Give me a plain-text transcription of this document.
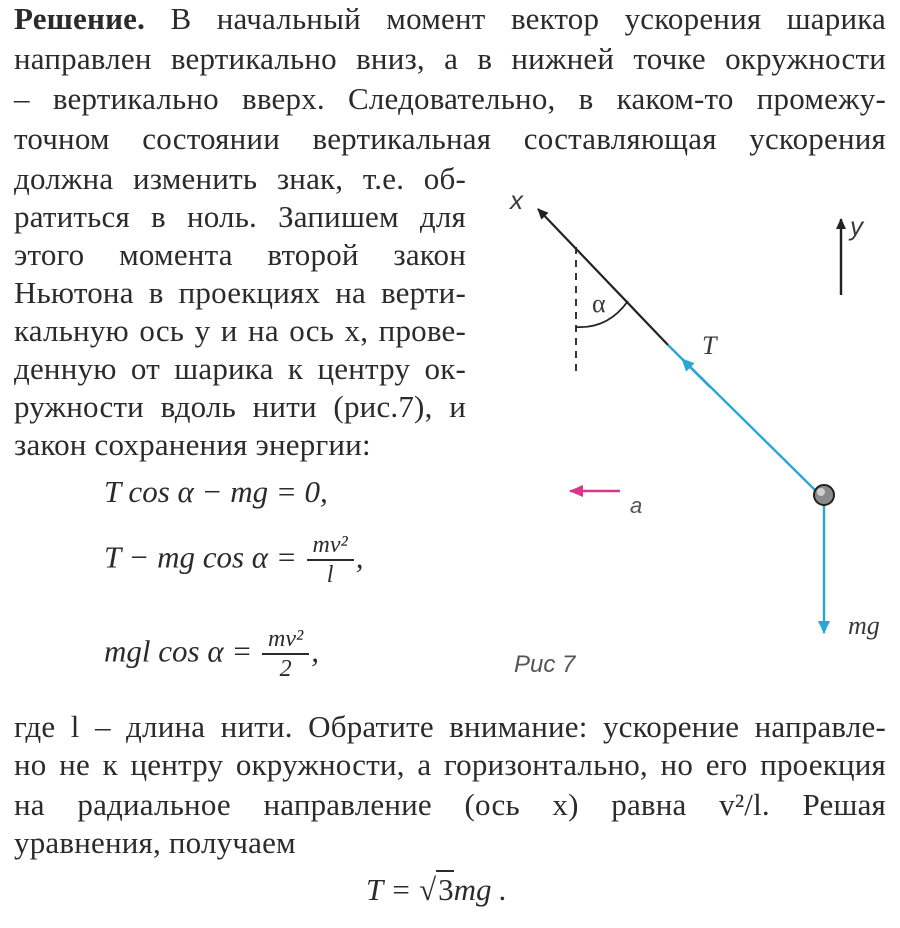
Решение. В начальный момент вектор ускорения шарика
направлен вертикально вниз, а в нижней точке окружности
– вертикально вверх. Следовательно, в каком-то промежу-
точном состоянии вертикальная составляющая ускорения
должна изменить знак, т.е. об-
ратиться в ноль. Запишем для
этого момента второй закон
Ньютона в проекциях на верти-
кальную ось y и на ось x, прове-
денную от шарика к центру ок-
ружности вдоль нити (рис.7), и
закон сохранения энергии:
T cos α − mg = 0,
T − mg $\cos \alpha = \frac{\text{mv²}}{l}$ ,
mgl $\cos \alpha = \frac{\text{mv²}}{2}$ ,
где l – длина нити. Обратите внимание: ускорение направле-
но не к центру окружности, а горизонтально, но его проекция
на радиальное направление (ось x) равна v²/l. Решая
уравнения, получаем
T = √3mg .
x
y
α
T
a
mg
Рис 7
